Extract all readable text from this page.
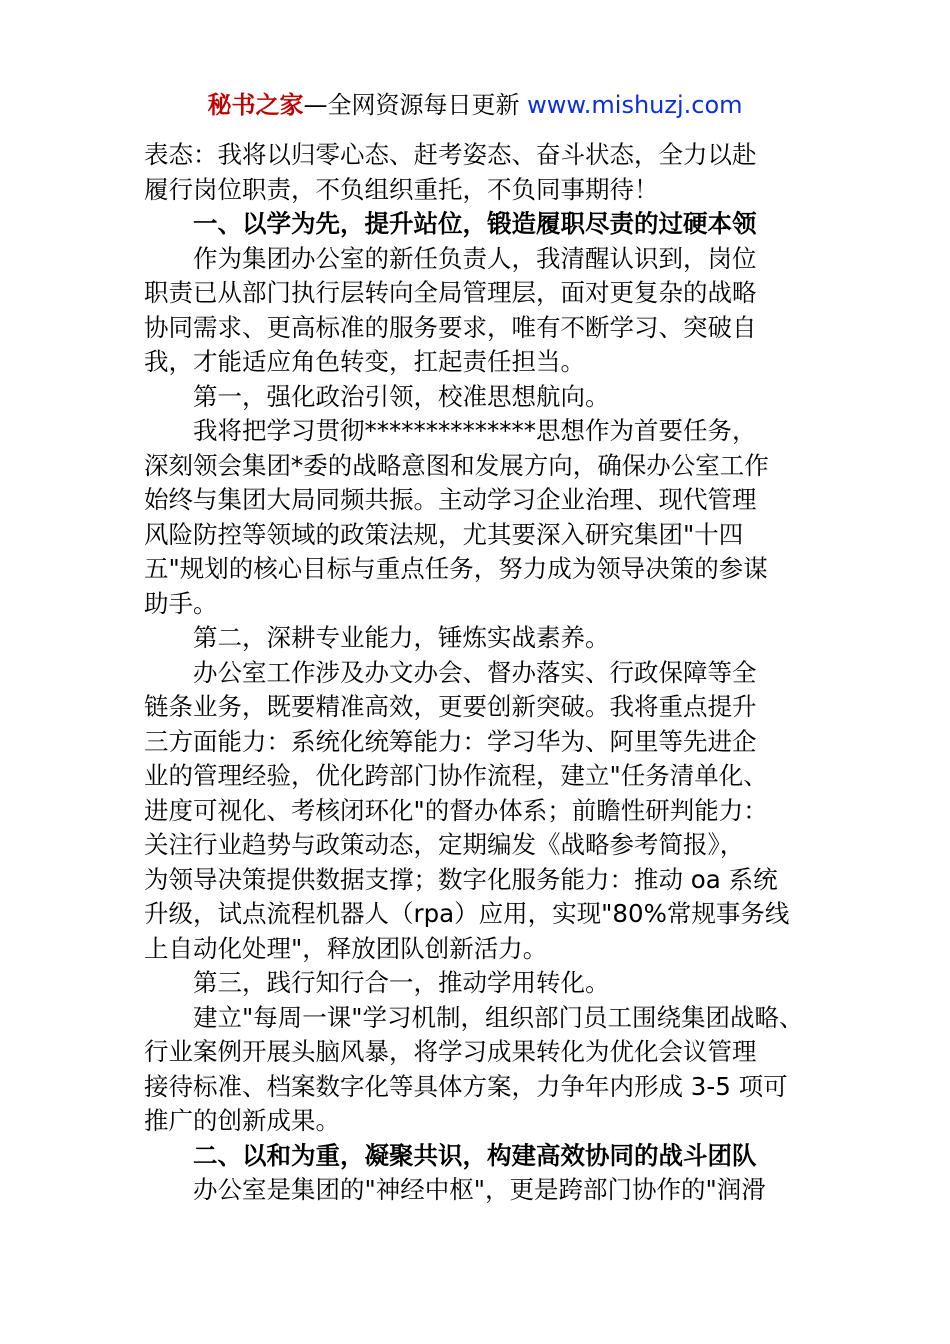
秘书之家—全网资源每日更新 www.mishuzj.com
表态：我将以归零心态、赶考姿态、奋斗状态，全力以赴
履行岗位职责，不负组织重托，不负同事期待！
一、以学为先，提升站位，锻造履职尽责的过硬本领
作为集团办公室的新任负责人，我清醒认识到，岗位
职责已从部门执行层转向全局管理层，面对更复杂的战略
协同需求、更高标准的服务要求，唯有不断学习、突破自
我，才能适应角色转变，扛起责任担当。
第一，强化政治引领，校准思想航向。
我将把学习贯彻**************思想作为首要任务，
深刻领会集团*委的战略意图和发展方向，确保办公室工作
始终与集团大局同频共振。主动学习企业治理、现代管理
风险防控等领域的政策法规，尤其要深入研究集团"十四
五"规划的核心目标与重点任务，努力成为领导决策的参谋
助手。
第二，深耕专业能力，锤炼实战素养。
办公室工作涉及办文办会、督办落实、行政保障等全
链条业务，既要精准高效，更要创新突破。我将重点提升
三方面能力：系统化统筹能力：学习华为、阿里等先进企
业的管理经验，优化跨部门协作流程，建立"任务清单化、
进度可视化、考核闭环化"的督办体系；前瞻性研判能力：
关注行业趋势与政策动态，定期编发《战略参考简报》，
为领导决策提供数据支撑；数字化服务能力：推动 oa 系统
升级，试点流程机器人（rpa）应用，实现"80%常规事务线
上自动化处理"，释放团队创新活力。
第三，践行知行合一，推动学用转化。
建立"每周一课"学习机制，组织部门员工围绕集团战略、
行业案例开展头脑风暴，将学习成果转化为优化会议管理
接待标准、档案数字化等具体方案，力争年内形成 3-5 项可
推广的创新成果。
二、以和为重，凝聚共识，构建高效协同的战斗团队
办公室是集团的"神经中枢"，更是跨部门协作的"润滑
